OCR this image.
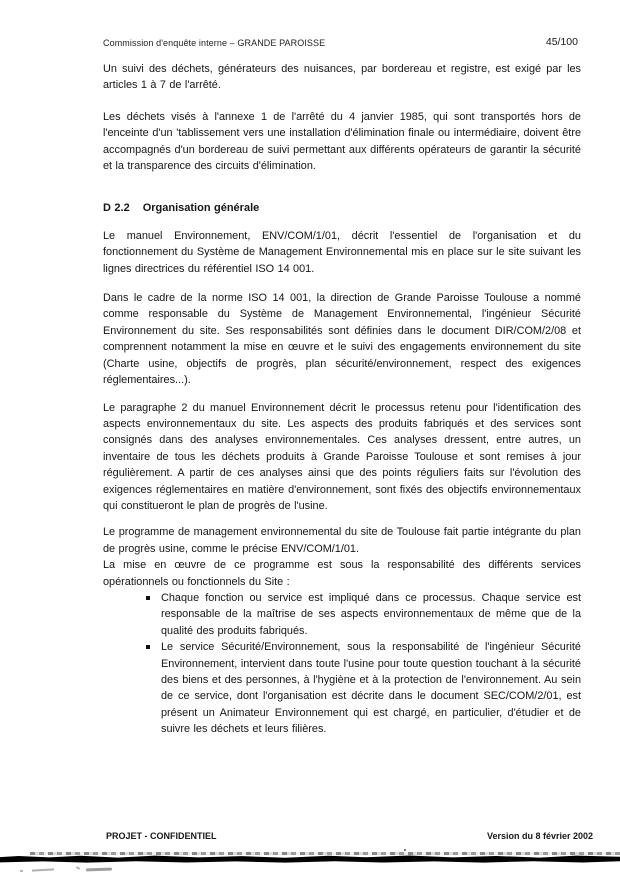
Commission d'enquête interne – GRANDE PAROISSE	45/100

Un suivi des déchets, générateurs des nuisances, par bordereau et registre, est exigé par les articles 1 à 7 de l'arrêté.

Les déchets visés à l'annexe 1 de l'arrêté du 4 janvier 1985, qui sont transportés hors de l'enceinte d'un 'tablissement vers une installation d'élimination finale ou intermédiaire, doivent être accompagnés d'un bordereau de suivi permettant aux différents opérateurs de garantir la sécurité et la transparence des circuits d'élimination.

D 2.2 Organisation générale

Le manuel Environnement, ENV/COM/1/01, décrit l'essentiel de l'organisation et du fonctionnement du Système de Management Environnemental mis en place sur le site suivant les lignes directrices du référentiel ISO 14 001.

Dans le cadre de la norme ISO 14 001, la direction de Grande Paroisse Toulouse a nommé comme responsable du Système de Management Environnemental, l'ingénieur Sécurité Environnement du site. Ses responsabilités sont définies dans le document DIR/COM/2/08 et comprennent notamment la mise en œuvre et le suivi des engagements environnement du site (Charte usine, objectifs de progrès, plan sécurité/environnement, respect des exigences réglementaires...).

Le paragraphe 2 du manuel Environnement décrit le processus retenu pour l'identification des aspects environnementaux du site. Les aspects des produits fabriqués et des services sont consignés dans des analyses environnementales. Ces analyses dressent, entre autres, un inventaire de tous les déchets produits à Grande Paroisse Toulouse et sont remises à jour régulièrement. A partir de ces analyses ainsi que des points réguliers faits sur l'évolution des exigences réglementaires en matière d'environnement, sont fixés des objectifs environnementaux qui constitueront le plan de progrès de l'usine.

Le programme de management environnemental du site de Toulouse fait partie intégrante du plan de progrès usine, comme le précise ENV/COM/1/01.

La mise en œuvre de ce programme est sous la responsabilité des différents services opérationnels ou fonctionnels du Site :

Chaque fonction ou service est impliqué dans ce processus. Chaque service est responsable de la maîtrise de ses aspects environnementaux de même que de la qualité des produits fabriqués.
Le service Sécurité/Environnement, sous la responsabilité de l'ingénieur Sécurité Environnement, intervient dans toute l'usine pour toute question touchant à la sécurité des biens et des personnes, à l'hygiène et à la protection de l'environnement. Au sein de ce service, dont l'organisation est décrite dans le document SEC/COM/2/01, est présent un Animateur Environnement qui est chargé, en particulier, d'étudier et de suivre les déchets et leurs filières.
PROJET - CONFIDENTIEL	Version du 8 février 2002
